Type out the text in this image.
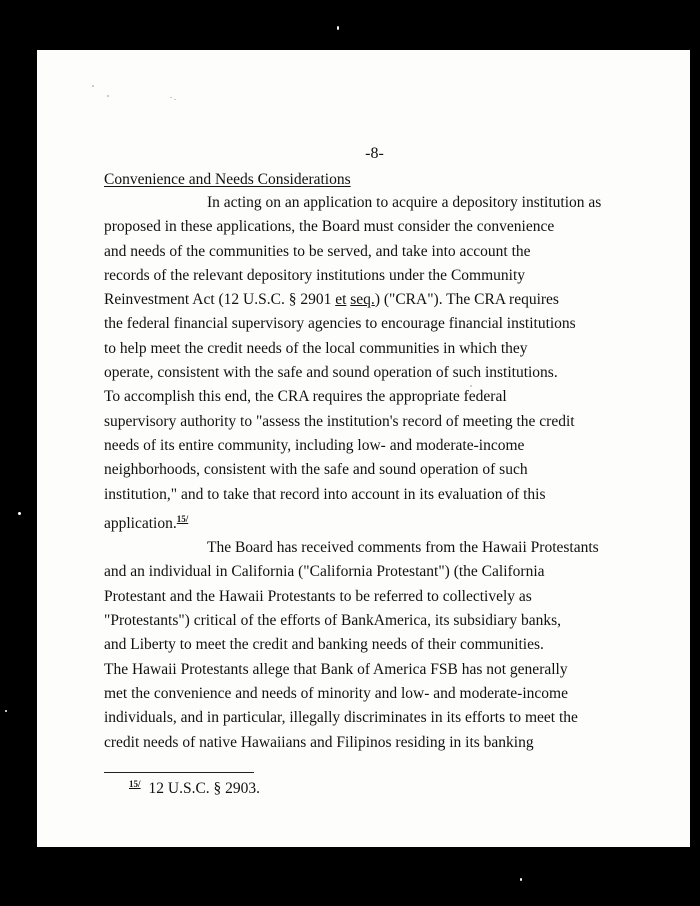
-8-
Convenience and Needs Considerations
In acting on an application to acquire a depository institution as
proposed in these applications, the Board must consider the convenience
and needs of the communities to be served, and take into account the
records of the relevant depository institutions under the Community
Reinvestment Act (12 U.S.C. § 2901 et seq.) ("CRA"). The CRA requires
the federal financial supervisory agencies to encourage financial institutions
to help meet the credit needs of the local communities in which they
operate, consistent with the safe and sound operation of such institutions.
To accomplish this end, the CRA requires the appropriate federal
supervisory authority to "assess the institution's record of meeting the credit
needs of its entire community, including low- and moderate-income
neighborhoods, consistent with the safe and sound operation of such
institution," and to take that record into account in its evaluation of this
application.$^{15/}$
The Board has received comments from the Hawaii Protestants
and an individual in California ("California Protestant") (the California
Protestant and the Hawaii Protestants to be referred to collectively as
"Protestants") critical of the efforts of BankAmerica, its subsidiary banks,
and Liberty to meet the credit and banking needs of their communities.
The Hawaii Protestants allege that Bank of America FSB has not generally
met the convenience and needs of minority and low- and moderate-income
individuals, and in particular, illegally discriminates in its efforts to meet the
credit needs of native Hawaiians and Filipinos residing in its banking
$^{15/}$ 12 U.S.C. § 2903.
